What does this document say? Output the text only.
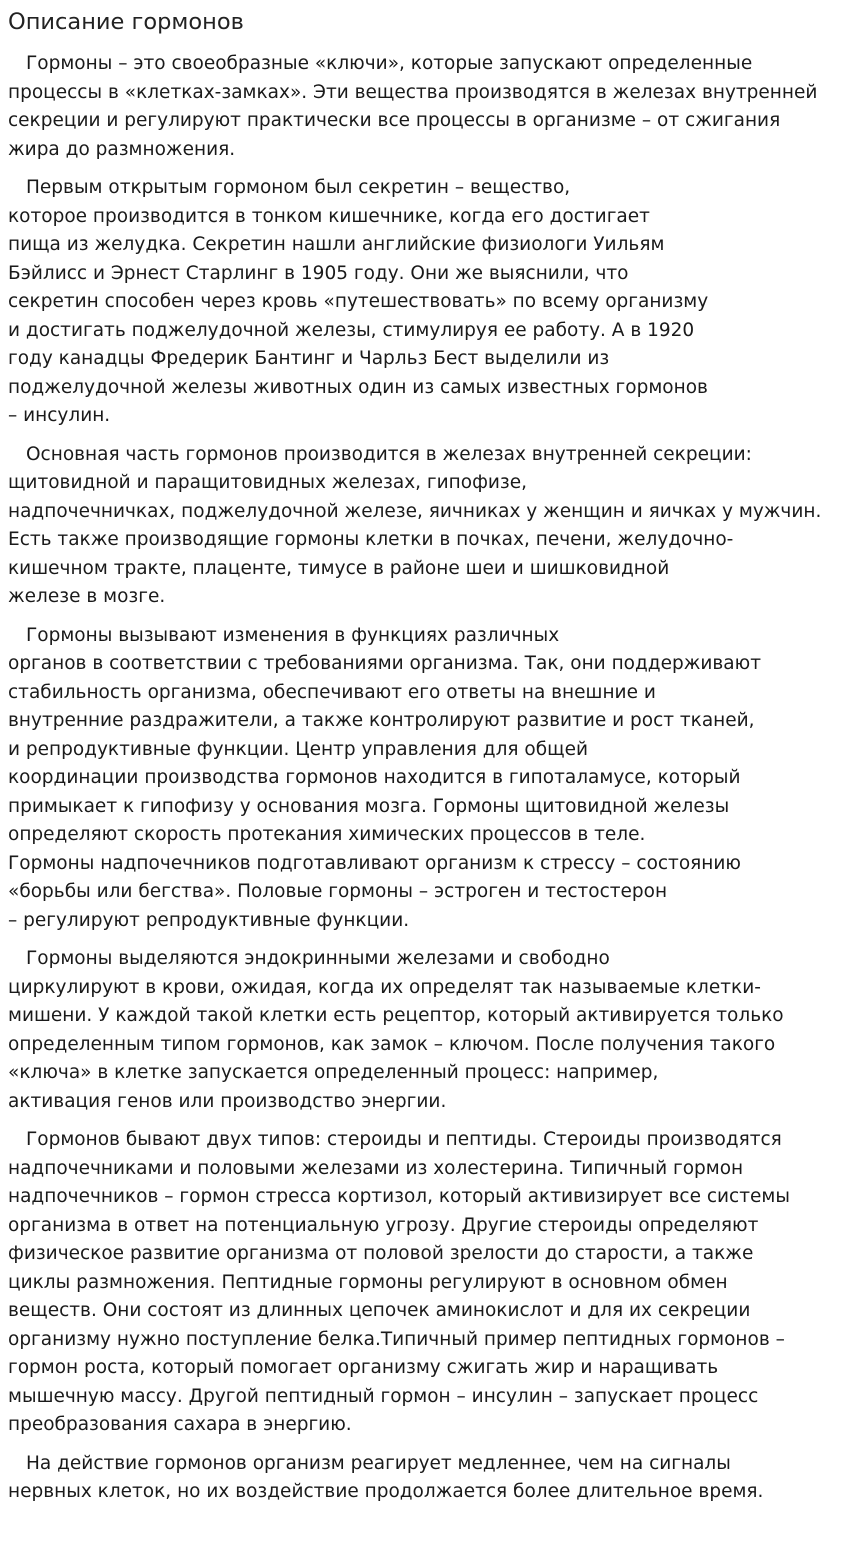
Описание гормонов

Гормоны – это своеобразные «ключи», которые запускают определенные
процессы в «клетках-замках». Эти вещества производятся в железах внутренней
секреции и регулируют практически все процессы в организме – от сжигания
жира до размножения.

Первым открытым гормоном был секретин – вещество,
которое производится в тонком кишечнике, когда его достигает
пища из желудка. Секретин нашли английские физиологи Уильям
Бэйлисс и Эрнест Старлинг в 1905 году. Они же выяснили, что
секретин способен через кровь «путешествовать» по всему организму
и достигать поджелудочной железы, стимулируя ее работу. А в 1920
году канадцы Фредерик Бантинг и Чарльз Бест выделили из
поджелудочной железы животных один из самых известных гормонов
– инсулин.

Основная часть гормонов производится в железах внутренней секреции:
щитовидной и паращитовидных железах, гипофизе,
надпочечничках, поджелудочной железе, яичниках у женщин и яичках у мужчин.
Есть также производящие гормоны клетки в почках, печени, желудочно-
кишечном тракте, плаценте, тимусе в районе шеи и шишковидной
железе в мозге.

Гормоны вызывают изменения в функциях различных
органов в соответствии с требованиями организма. Так, они поддерживают
стабильность организма, обеспечивают его ответы на внешние и
внутренние раздражители, а также контролируют развитие и рост тканей,
и репродуктивные функции. Центр управления для общей
координации производства гормонов находится в гипоталамусе, который
примыкает к гипофизу у основания мозга. Гормоны щитовидной железы
определяют скорость протекания химических процессов в теле.
Гормоны надпочечников подготавливают организм к стрессу – состоянию
«борьбы или бегства». Половые гормоны – эстроген и тестостерон
– регулируют репродуктивные функции.

Гормоны выделяются эндокринными железами и свободно
циркулируют в крови, ожидая, когда их определят так называемые клетки-
мишени. У каждой такой клетки есть рецептор, который активируется только
определенным типом гормонов, как замок – ключом. После получения такого
«ключа» в клетке запускается определенный процесс: например,
активация генов или производство энергии.

Гормонов бывают двух типов: стероиды и пептиды. Стероиды производятся
надпочечниками и половыми железами из холестерина. Типичный гормон
надпочечников – гормон стресса кортизол, который активизирует все системы
организма в ответ на потенциальную угрозу. Другие стероиды определяют
физическое развитие организма от половой зрелости до старости, а также
циклы размножения. Пептидные гормоны регулируют в основном обмен
веществ. Они состоят из длинных цепочек аминокислот и для их секреции
организму нужно поступление белка.Типичный пример пептидных гормонов –
гормон роста, который помогает организму сжигать жир и наращивать
мышечную массу. Другой пептидный гормон – инсулин – запускает процесс
преобразования сахара в энергию.

На действие гормонов организм реагирует медленнее, чем на сигналы
нервных клеток, но их воздействие продолжается более длительное время.
